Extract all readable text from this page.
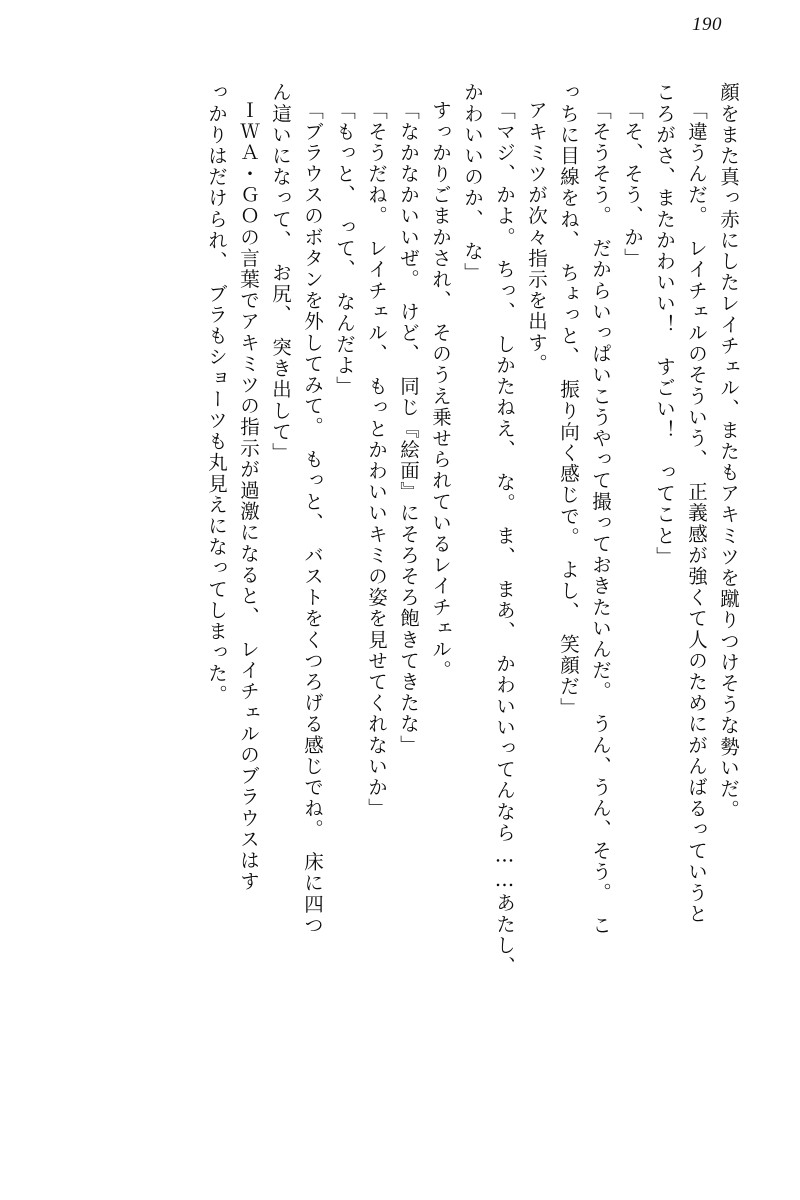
190
顔をまた真っ赤にしたレイチェル、またもアキミツを蹴りつけそうな勢いだ。
「違うんだ。　レイチェルのそういう、　正義感が強くて人のためにがんばるっていうと
ころがさ、またかわいい！　すごい！　ってこと」
「そ、そう、か」
「そうそう。　だからいっぱいこうやって撮っておきたいんだ。　うん、うん、そう。　こ
っちに目線をね、　ちょっと、　振り向く感じで。　よし、　笑顔だ」
アキミツが次々指示を出す。
「マジ、かよ。　ちっ、　しかたねえ、　な。　ま、　まあ、　かわいいってんなら……あたし、
かわいいのか、　な」
すっかりごまかされ、　そのうえ乗せられているレイチェル。
「なかなかいいぜ。　けど、　同じ『絵面』にそろそろ飽きてきたな」
「そうだね。　レイチェル、　もっとかわいいキミの姿を見せてくれないか」
「もっと、　って、　なんだよ」
「ブラウスのボタンを外してみて。　もっと、　バストをくつろげる感じでね。　床に四つ
ん這いになって、　お尻、　突き出して」
ＩＷＡ・ＧＯの言葉でアキミツの指示が過激になると、　レイチェルのブラウスはす
っかりはだけられ、　ブラもショーツも丸見えになってしまった。
